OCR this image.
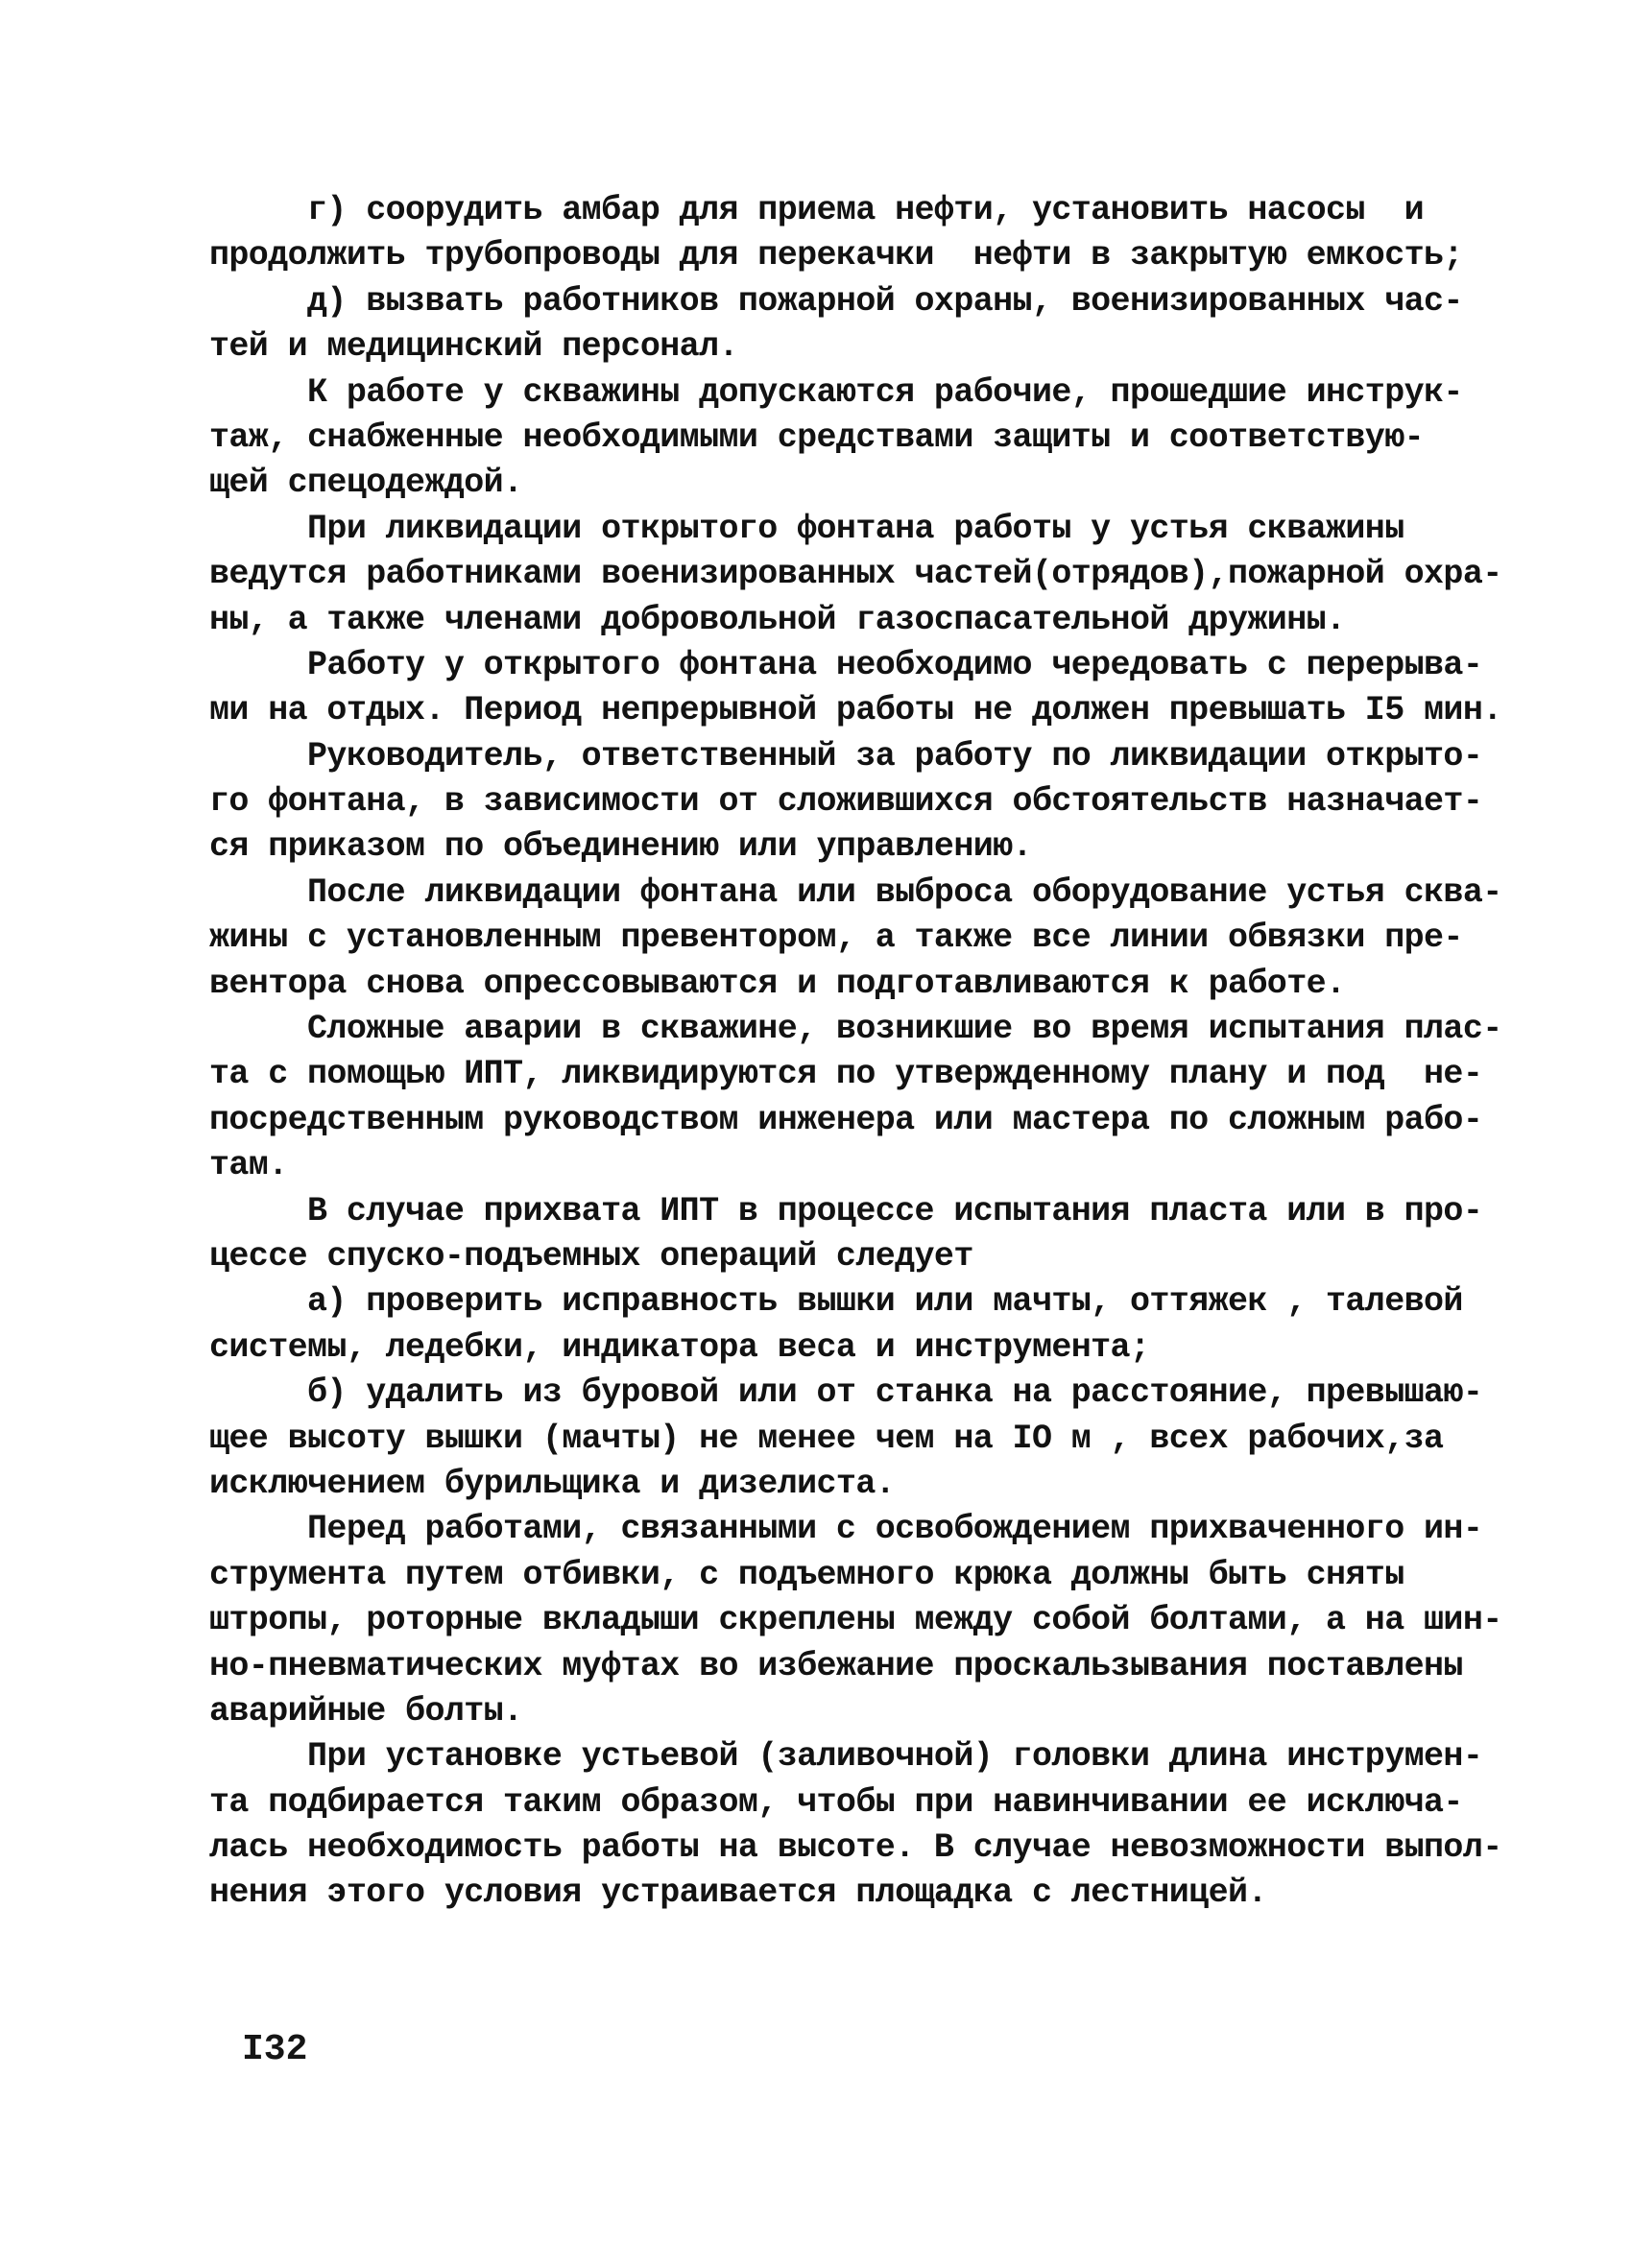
г) соорудить амбар для приема нефти, установить насосы  и
продолжить трубопроводы для перекачки  нефти в закрытую емкость;
д) вызвать работников пожарной охраны, военизированных час-
тей и медицинский персонал.
К работе у скважины допускаются рабочие, прошедшие инструк-
таж, снабженные необходимыми средствами защиты и соответствую-
щей спецодеждой.
При ликвидации открытого фонтана работы у устья скважины
ведутся работниками военизированных частей(отрядов),пожарной охра-
ны, а также членами добровольной газоспасательной дружины.
Работу у открытого фонтана необходимо чередовать с перерыва-
ми на отдых. Период непрерывной работы не должен превышать I5 мин.
Руководитель, ответственный за работу по ликвидации открыто-
го фонтана, в зависимости от сложившихся обстоятельств назначает-
ся приказом по объединению или управлению.
После ликвидации фонтана или выброса оборудование устья сква-
жины с установленным превентором, а также все линии обвязки пре-
вентора снова опрессовываются и подготавливаются к работе.
Сложные аварии в скважине, возникшие во время испытания плас-
та с помощью ИПТ, ликвидируются по утвержденному плану и под  не-
посредственным руководством инженера или мастера по сложным рабо-
там.
В случае прихвата ИПТ в процессе испытания пласта или в про-
цессе спуско-подъемных операций следует
а) проверить исправность вышки или мачты, оттяжек , талевой
системы, ледебки, индикатора веса и инструмента;
б) удалить из буровой или от станка на расстояние, превышаю-
щее высоту вышки (мачты) не менее чем на IO м , всех рабочих,за
исключением бурильщика и дизелиста.
Перед работами, связанными с освобождением прихваченного ин-
струмента путем отбивки, с подъемного крюка должны быть сняты
штропы, роторные вкладыши скреплены между собой болтами, а на шин-
но-пневматических муфтах во избежание проскальзывания поставлены
аварийные болты.
При установке устьевой (заливочной) головки длина инструмен-
та подбирается таким образом, чтобы при навинчивании ее исключа-
лась необходимость работы на высоте. В случае невозможности выпол-
нения этого условия устраивается площадка с лестницей.
I32
